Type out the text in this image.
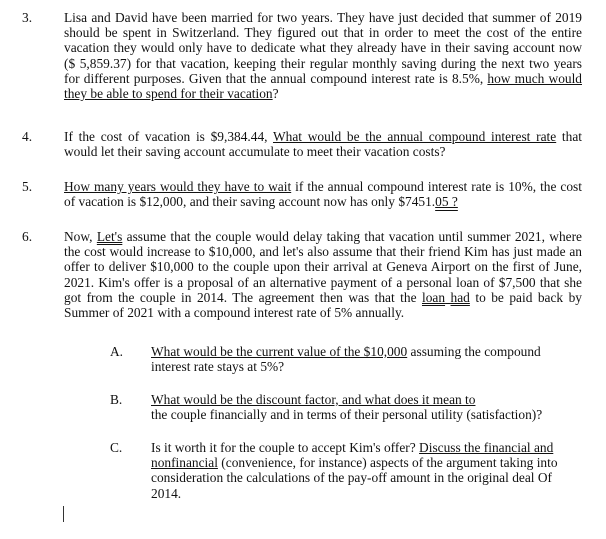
3. Lisa and David have been married for two years. They have just decided that summer of 2019 should be spent in Switzerland. They figured out that in order to meet the cost of the entire vacation they would only have to dedicate what they already have in their saving account now ($ 5,859.37) for that vacation, keeping their regular monthly saving during the next two years for different purposes. Given that the annual compound interest rate is 8.5%, how much would they be able to spend for their vacation?
4. If the cost of vacation is $9,384.44, What would be the annual compound interest rate that would let their saving account accumulate to meet their vacation costs?
5. How many years would they have to wait if the annual compound interest rate is 10%, the cost of vacation is $12,000, and their saving account now has only $7451.05 ?
6. Now, Let's assume that the couple would delay taking that vacation until summer 2021, where the cost would increase to $10,000, and let's also assume that their friend Kim has just made an offer to deliver $10,000 to the couple upon their arrival at Geneva Airport on the first of June, 2021. Kim's offer is a proposal of an alternative payment of a personal loan of $7,500 that she got from the couple in 2014. The agreement then was that the loan had to be paid back by Summer of 2021 with a compound interest rate of 5% annually.
A. What would be the current value of the $10,000 assuming the compound interest rate stays at 5%?
B. What would be the discount factor, and what does it mean to
the couple financially and in terms of their personal utility (satisfaction)?
C. Is it worth it for the couple to accept Kim's offer? Discuss the financial and nonfinancial (convenience, for instance) aspects of the argument taking into consideration the calculations of the pay-off amount in the original deal Of 2014.
